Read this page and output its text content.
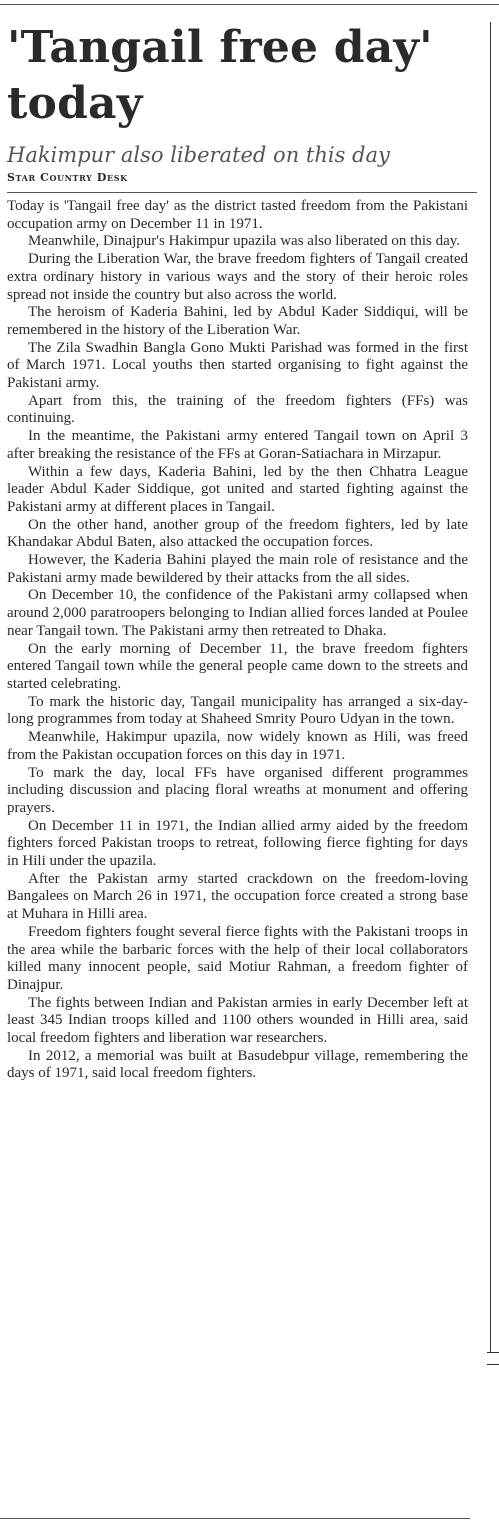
'Tangail free day' today
Hakimpur also liberated on this day
Star Country Desk

Today is 'Tangail free day' as the district tasted freedom from the Pakistani occupation army on December 11 in 1971.

Meanwhile, Dinajpur's Hakimpur upazila was also liberated on this day.

During the Liberation War, the brave freedom fighters of Tangail created extra ordinary history in various ways and the story of their heroic roles spread not inside the country but also across the world.

The heroism of Kaderia Bahini, led by Abdul Kader Siddiqui, will be remembered in the history of the Liberation War.

The Zila Swadhin Bangla Gono Mukti Parishad was formed in the first of March 1971. Local youths then started organising to fight against the Pakistani army.

Apart from this, the training of the freedom fighters (FFs) was continuing.

In the meantime, the Pakistani army entered Tangail town on April 3 after breaking the resistance of the FFs at Goran-Satiachara in Mirzapur.

Within a few days, Kaderia Bahini, led by the then Chhatra League leader Abdul Kader Siddique, got united and started fighting against the Pakistani army at different places in Tangail.

On the other hand, another group of the freedom fighters, led by late Khandakar Abdul Baten, also attacked the occupation forces.

However, the Kaderia Bahini played the main role of resistance and the Pakistani army made bewildered by their attacks from the all sides.

On December 10, the confidence of the Pakistani army collapsed when around 2,000 paratroopers belonging to Indian allied forces landed at Poulee near Tangail town. The Pakistani army then retreated to Dhaka.

On the early morning of December 11, the brave freedom fighters entered Tangail town while the general people came down to the streets and started celebrating.

To mark the historic day, Tangail municipality has arranged a six-day-long programmes from today at Shaheed Smrity Pouro Udyan in the town.

Meanwhile, Hakimpur upazila, now widely known as Hili, was freed from the Pakistan occupation forces on this day in 1971.

To mark the day, local FFs have organised different programmes including discussion and placing floral wreaths at monument and offering prayers.

On December 11 in 1971, the Indian allied army aided by the freedom fighters forced Pakistan troops to retreat, following fierce fighting for days in Hili under the upazila.

After the Pakistan army started crackdown on the freedom-loving Bangalees on March 26 in 1971, the occupation force created a strong base at Muhara in Hilli area.

Freedom fighters fought several fierce fights with the Pakistani troops in the area while the barbaric forces with the help of their local collaborators killed many innocent people, said Motiur Rahman, a freedom fighter of Dinajpur.

The fights between Indian and Pakistan armies in early December left at least 345 Indian troops killed and 1100 others wounded in Hilli area, said local freedom fighters and liberation war researchers.

In 2012, a memorial was built at Basudebpur village, remembering the days of 1971, said local freedom fighters.
